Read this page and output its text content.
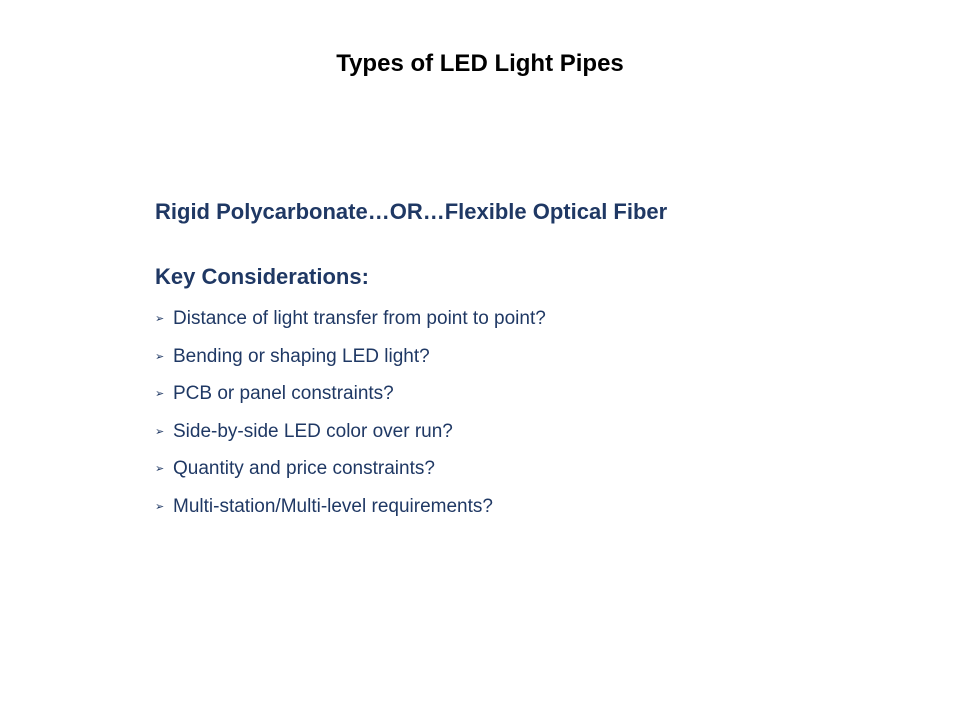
Types of LED Light Pipes
Rigid Polycarbonate…OR…Flexible Optical Fiber
Key Considerations:
➢ Distance of light transfer from point to point?
➢ Bending or shaping LED light?
➢ PCB or panel constraints?
➢ Side-by-side LED color over run?
➢ Quantity and price constraints?
➢ Multi-station/Multi-level requirements?
